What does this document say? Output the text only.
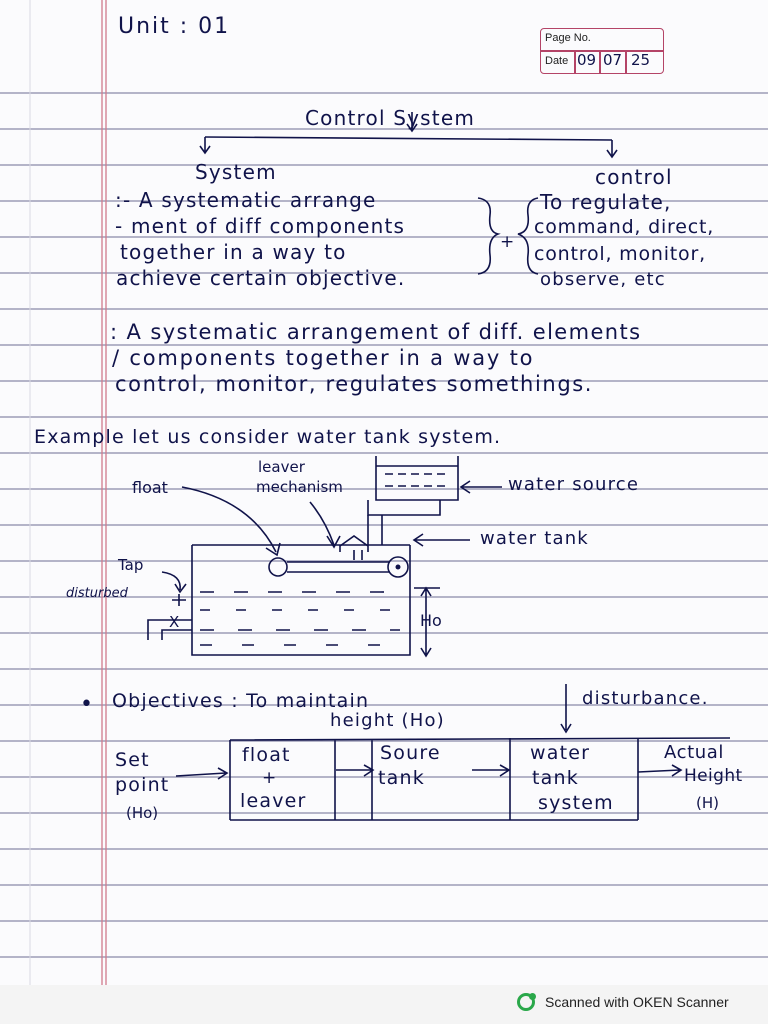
Unit : 01	Page No.
Date 09 07 25
Control System
System	control
:- A systematic arrange
- ment of diff components
together in a way to
achieve certain objective.
+
To regulate,
command, direct,
control, monitor,
observe, etc
: A systematic arrangement of diff. elements
/ components together in a way to
control, monitor, regulates somethings.
Example let us consider water tank system.
leaver
mechanism
float	water source
water tank
Tap
disturbed
X	Ho
• Objectives : To maintain
height (Ho)
disturbance.
Set
point
(Ho)
float
+
leaver
Soure
tank
water
tank
system
Actual
Height
(H)
Scanned with OKEN Scanner
